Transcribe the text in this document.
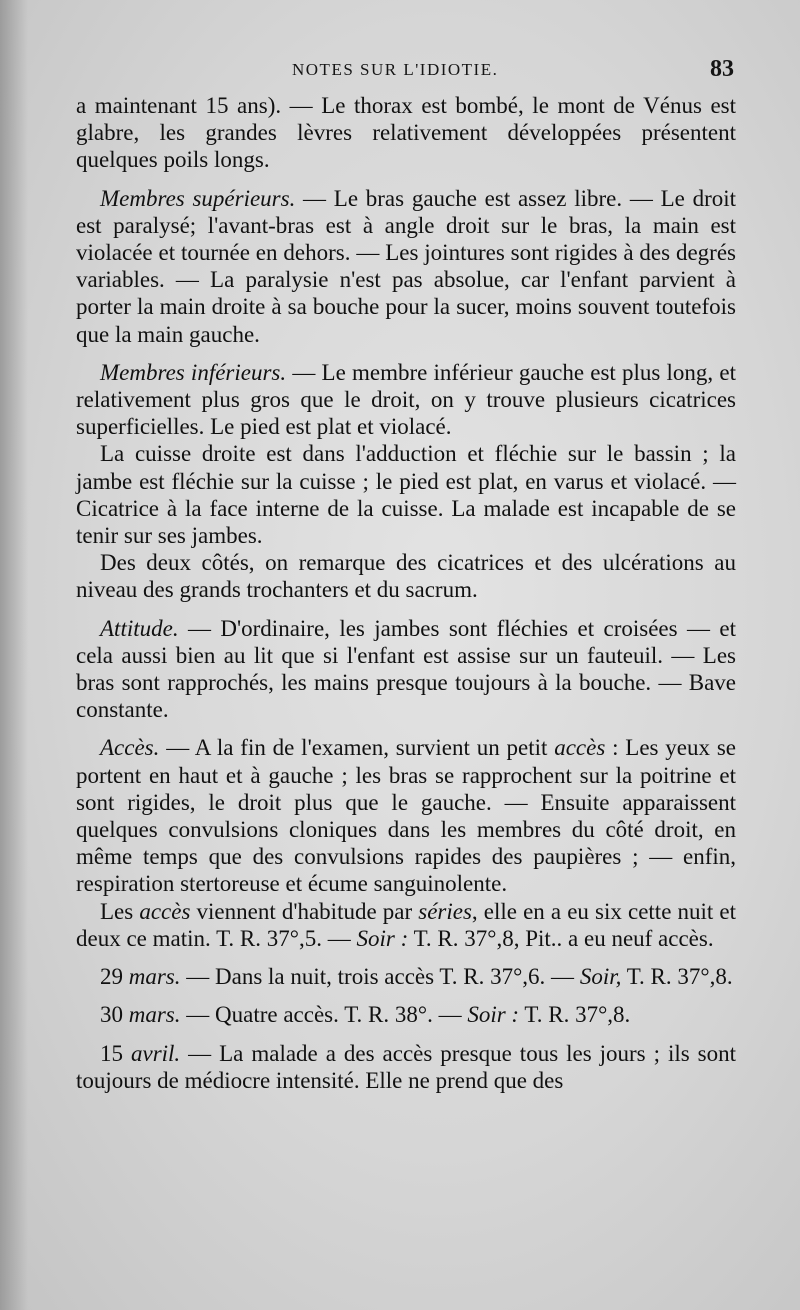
NOTES SUR L'IDIOTIE.	83

a maintenant 15 ans). — Le thorax est bombé, le mont de Vénus est glabre, les grandes lèvres relativement développées présentent quelques poils longs.

Membres supérieurs. — Le bras gauche est assez libre. — Le droit est paralysé; l'avant-bras est à angle droit sur le bras, la main est violacée et tournée en dehors. — Les jointures sont rigides à des degrés variables. — La paralysie n'est pas absolue, car l'enfant parvient à porter la main droite à sa bouche pour la sucer, moins souvent toutefois que la main gauche.

Membres inférieurs. — Le membre inférieur gauche est plus long, et relativement plus gros que le droit, on y trouve plusieurs cicatrices superficielles. Le pied est plat et violacé.

La cuisse droite est dans l'adduction et fléchie sur le bassin ; la jambe est fléchie sur la cuisse ; le pied est plat, en varus et violacé. — Cicatrice à la face interne de la cuisse. La malade est incapable de se tenir sur ses jambes.

Des deux côtés, on remarque des cicatrices et des ulcérations au niveau des grands trochanters et du sacrum.

Attitude. — D'ordinaire, les jambes sont fléchies et croisées — et cela aussi bien au lit que si l'enfant est assise sur un fauteuil. — Les bras sont rapprochés, les mains presque toujours à la bouche. — Bave constante.

Accès. — A la fin de l'examen, survient un petit accès : Les yeux se portent en haut et à gauche ; les bras se rapprochent sur la poitrine et sont rigides, le droit plus que le gauche. — Ensuite apparaissent quelques convulsions cloniques dans les membres du côté droit, en même temps que des convulsions rapides des paupières ; — enfin, respiration stertoreuse et écume sanguinolente.

Les accès viennent d'habitude par séries, elle en a eu six cette nuit et deux ce matin. T. R. 37°,5. — Soir : T. R. 37°,8, Pit.. a eu neuf accès.

29 mars. — Dans la nuit, trois accès T. R. 37°,6. — Soir, T. R. 37°,8.

30 mars. — Quatre accès. T. R. 38°. — Soir : T. R. 37°,8.

15 avril. — La malade a des accès presque tous les jours ; ils sont toujours de médiocre intensité. Elle ne prend que des
